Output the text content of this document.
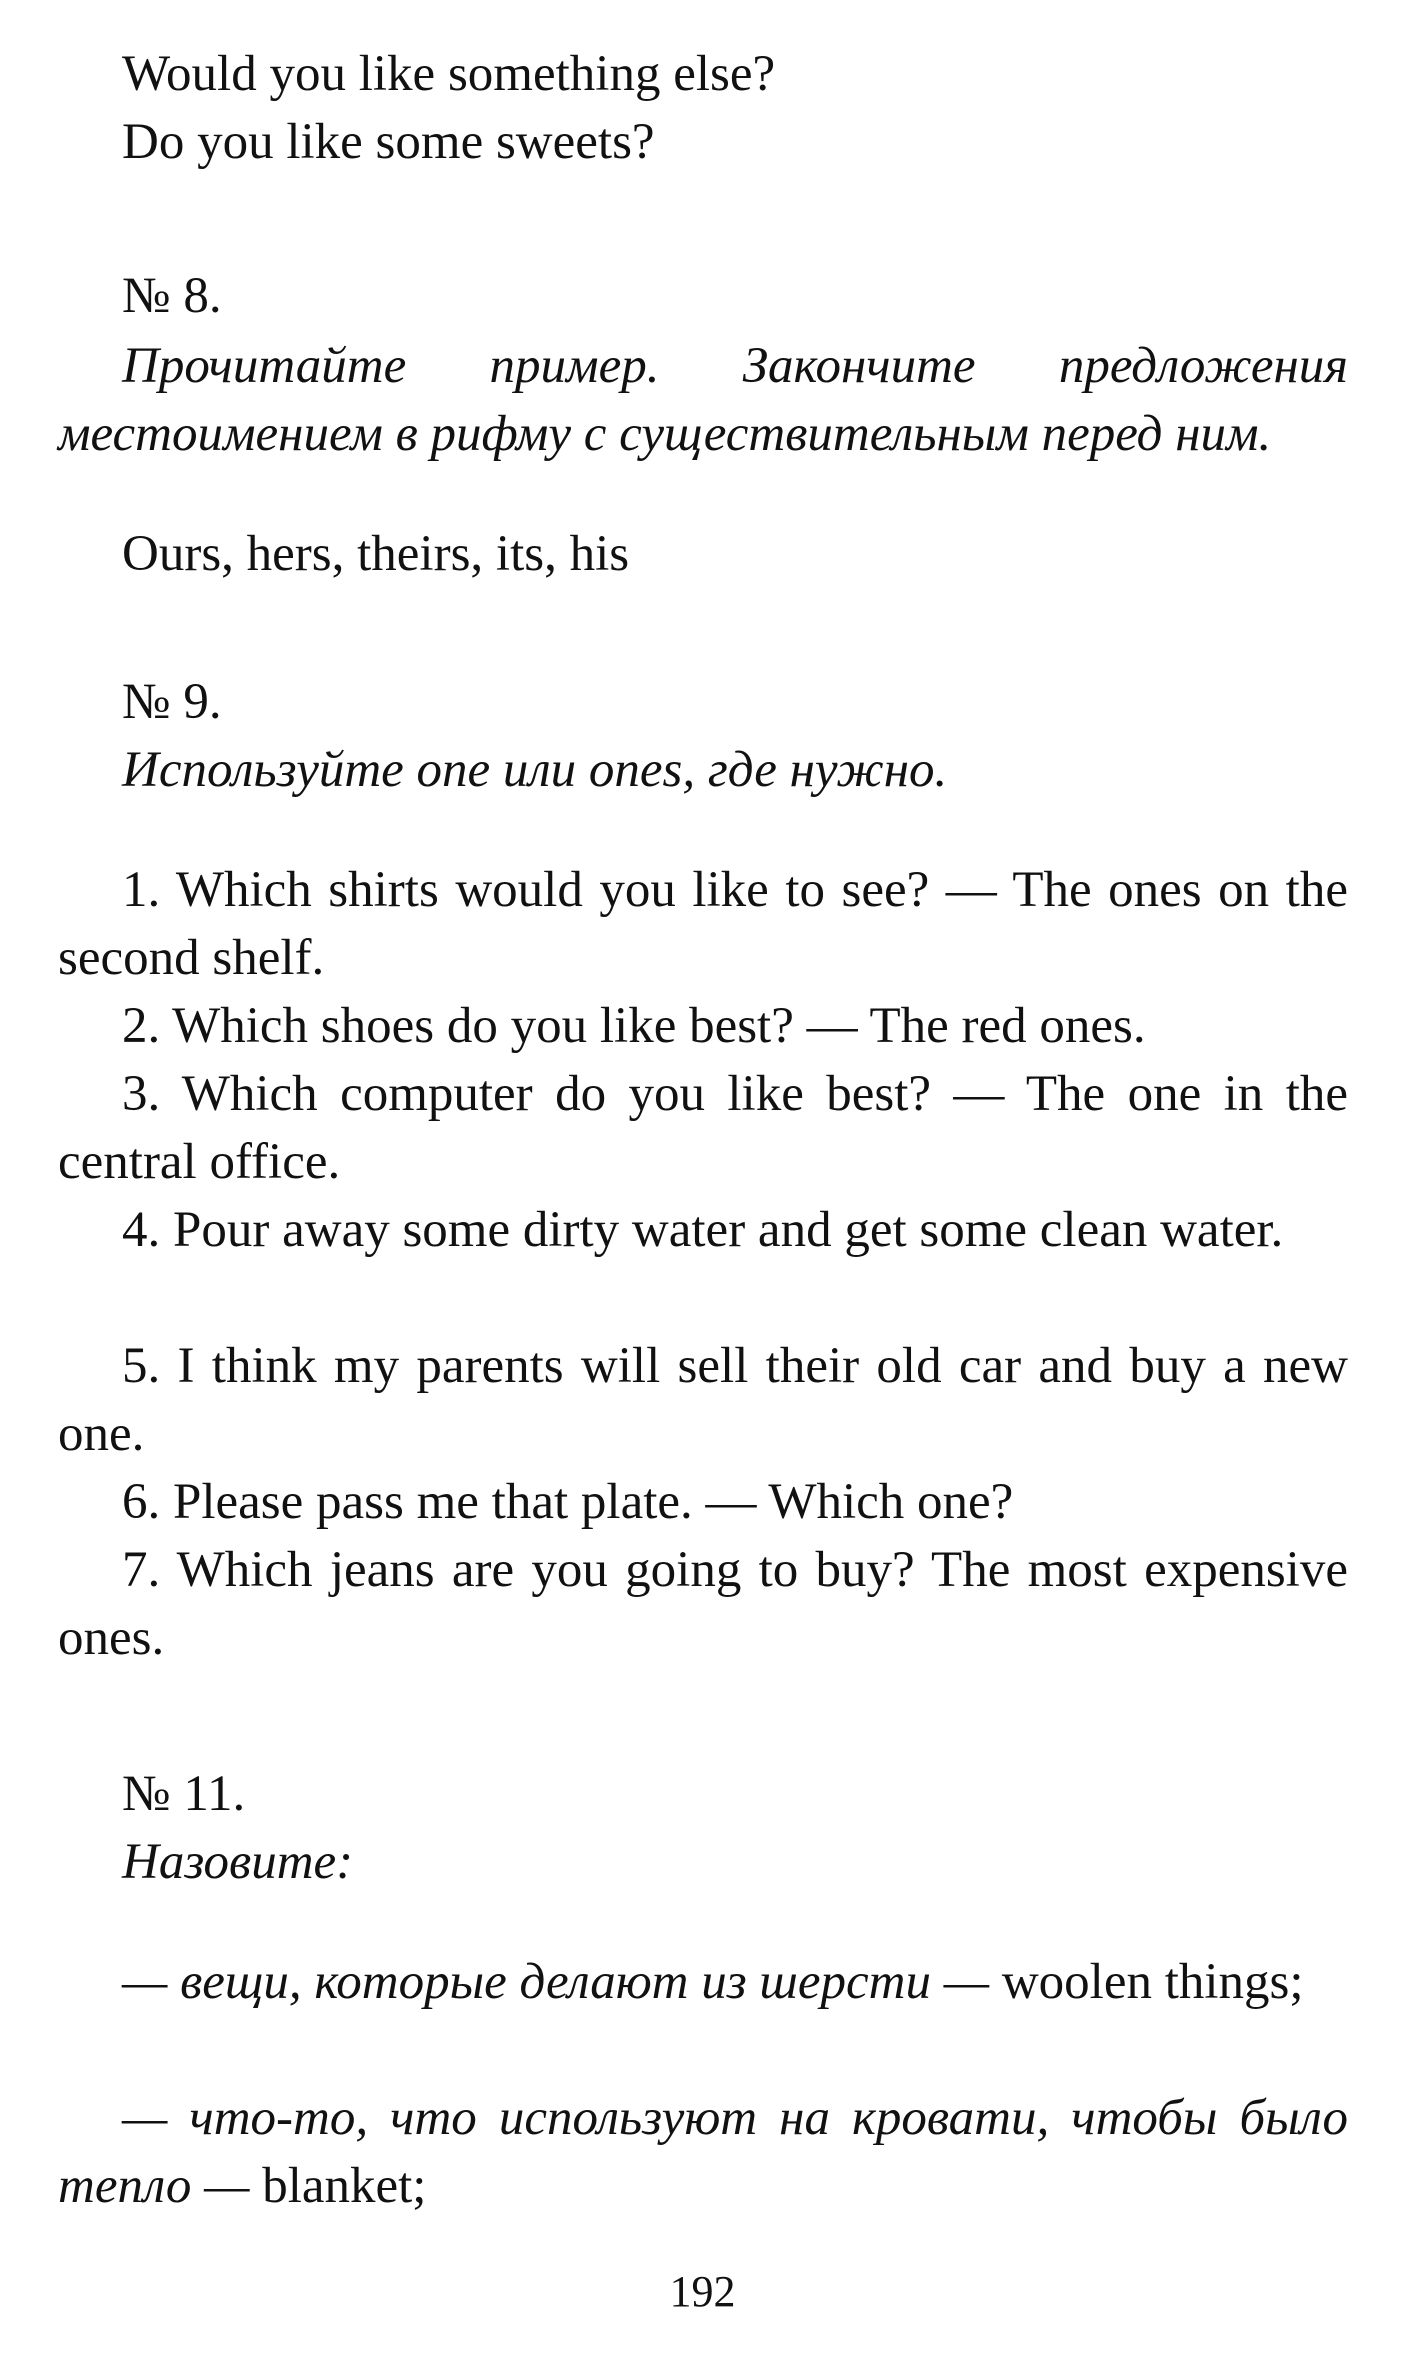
Would you like something else?

Do you like some sweets?

№ 8.

Прочитайте пример. Закончите предложения местоимением в рифму с существительным перед ним.

Ours, hers, theirs, its, his

№ 9.

Используйте one или ones, где нужно.

1. Which shirts would you like to see? — The ones on the second shelf.

2. Which shoes do you like best? — The red ones.

3. Which computer do you like best? — The one in the central office.

4. Pour away some dirty water and get some clean water.

5. I think my parents will sell their old car and buy a new one.

6. Please pass me that plate. — Which one?

7. Which jeans are you going to buy? The most expensive ones.

№ 11.

Назовите:

— вещи, которые делают из шерсти — woolen things;

— что-то, что используют на кровати, чтобы было тепло — blanket;

192
